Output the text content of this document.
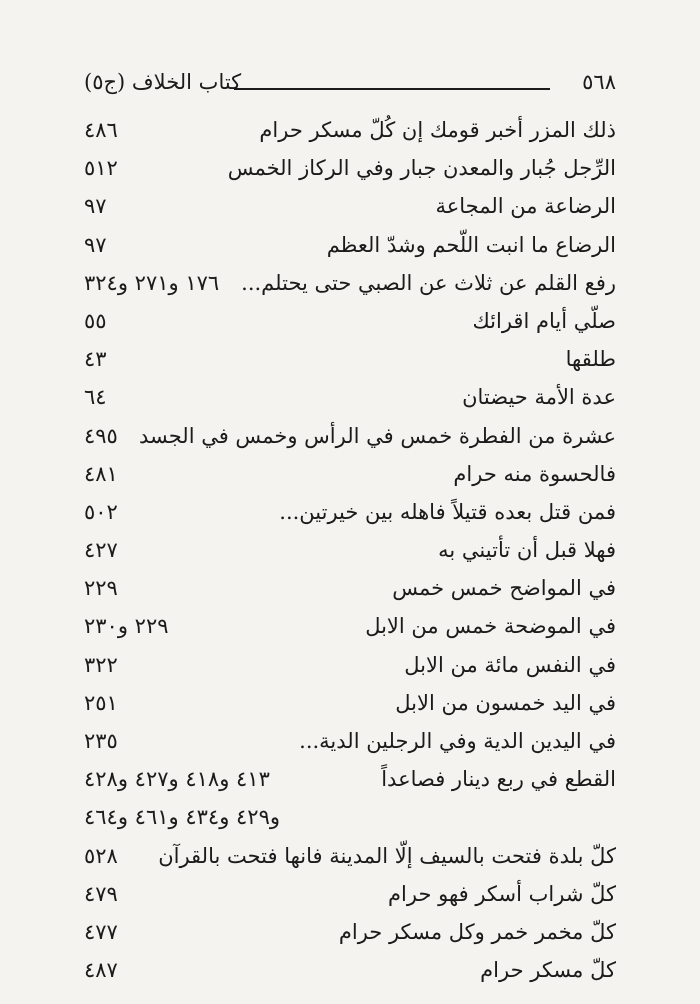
٥٦٨
كتاب الخلاف (ج٥)
ذلك المزر أخبر قومك إن كُلّ مسكر حرام
٤٨٦
الرِّجل جُبار والمعدن جبار وفي الركاز الخمس
٥١٢
الرضاعة من المجاعة
٩٧
الرضاع ما انبت اللّحم وشدّ العظم
٩٧
رفع القلم عن ثلاث عن الصبي حتى يحتلم...
١٧٦ و٢٧١ و٣٢٤
صلّي أيام اقرائك
٥٥
طلقها
٤٣
عدة الأمة حيضتان
٦٤
عشرة من الفطرة خمس في الرأس وخمس في الجسد
٤٩٥
فالحسوة منه حرام
٤٨١
فمن قتل بعده قتيلاً فاهله بين خيرتين...
٥٠٢
فهلا قبل أن تأتيني به
٤٢٧
في المواضح خمس خمس
٢٢٩
في الموضحة خمس من الابل
٢٢٩ و٢٣٠
في النفس مائة من الابل
٣٢٢
في اليد خمسون من الابل
٢٥١
في اليدين الدية وفي الرجلين الدية...
٢٣٥
القطع في ربع دينار فصاعداً
٤١٣ و٤١٨ و٤٢٧ و٤٢٨
و٤٢٩ و٤٣٤ و٤٦١ و٤٦٤
كلّ بلدة فتحت بالسيف إلّا المدينة فانها فتحت بالقرآن
٥٢٨
كلّ شراب أسكر فهو حرام
٤٧٩
كلّ مخمر خمر وكل مسكر حرام
٤٧٧
كلّ مسكر حرام
٤٨٧
